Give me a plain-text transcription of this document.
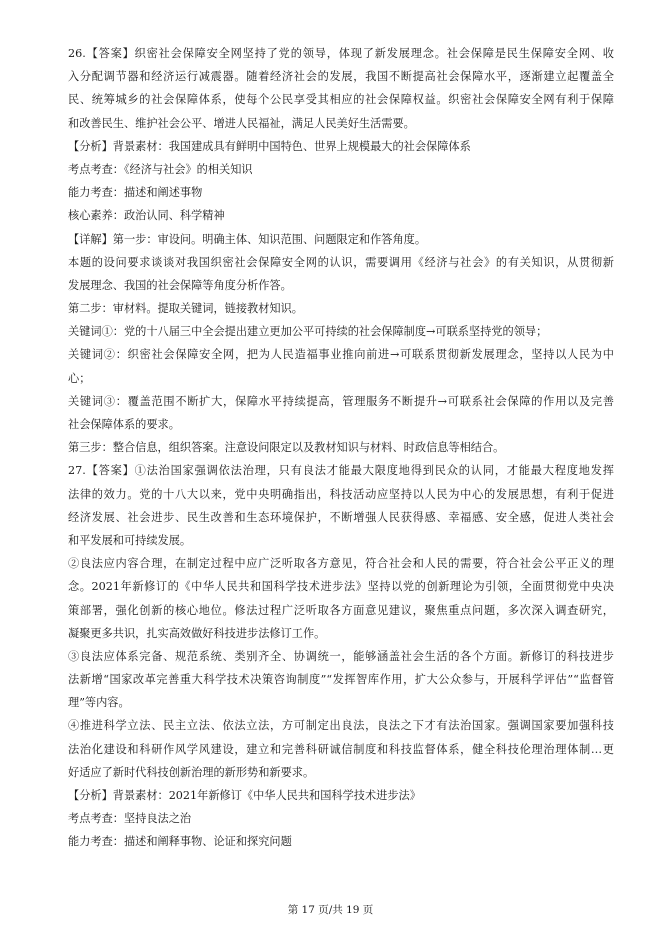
26.【答案】织密社会保障安全网坚持了党的领导，体现了新发展理念。社会保障是民生保障安全网、收
入分配调节器和经济运行减震器。随着经济社会的发展，我国不断提高社会保障水平，逐渐建立起覆盖全
民、统筹城乡的社会保障体系，使每个公民享受其相应的社会保障权益。织密社会保障安全网有利于保障
和改善民生、维护社会公平、增进人民福祉，满足人民美好生活需要。
【分析】背景素材：我国建成具有鲜明中国特色、世界上规模最大的社会保障体系
考点考查：《经济与社会》的相关知识
能力考查：描述和阐述事物
核心素养：政治认同、科学精神
【详解】第一步：审设问。明确主体、知识范围、问题限定和作答角度。
本题的设问要求谈谈对我国织密社会保障安全网的认识，需要调用《经济与社会》的有关知识，从贯彻新
发展理念、我国的社会保障等角度分析作答。
第二步：审材料。提取关键词，链接教材知识。
关键词①：党的十八届三中全会提出建立更加公平可持续的社会保障制度→可联系坚持党的领导；
关键词②：织密社会保障安全网，把为人民造福事业推向前进→可联系贯彻新发展理念，坚持以人民为中
心；
关键词③：覆盖范围不断扩大，保障水平持续提高，管理服务不断提升→可联系社会保障的作用以及完善
社会保障体系的要求。
第三步：整合信息，组织答案。注意设问限定以及教材知识与材料、时政信息等相结合。
27.【答案】①法治国家强调依法治理，只有良法才能最大限度地得到民众的认同，才能最大程度地发挥
法律的效力。党的十八大以来，党中央明确指出，科技活动应坚持以人民为中心的发展思想，有利于促进
经济发展、社会进步、民生改善和生态环境保护，不断增强人民获得感、幸福感、安全感，促进人类社会
和平发展和可持续发展。
②良法应内容合理，在制定过程中应广泛听取各方意见，符合社会和人民的需要，符合社会公平正义的理
念。2021年新修订的《中华人民共和国科学技术进步法》坚持以党的创新理论为引领，全面贯彻党中央决
策部署，强化创新的核心地位。修法过程广泛听取各方面意见建议，聚焦重点问题，多次深入调查研究，
凝聚更多共识，扎实高效做好科技进步法修订工作。
③良法应体系完备、规范系统、类别齐全、协调统一，能够涵盖社会生活的各个方面。新修订的科技进步
法新增“国家改革完善重大科学技术决策咨询制度”“发挥智库作用，扩大公众参与，开展科学评估”“监督管
理”等内容。
④推进科学立法、民主立法、依法立法，方可制定出良法，良法之下才有法治国家。强调国家要加强科技
法治化建设和科研作风学风建设，建立和完善科研诚信制度和科技监督体系，健全科技伦理治理体制…更
好适应了新时代科技创新治理的新形势和新要求。
【分析】背景素材：2021年新修订《中华人民共和国科学技术进步法》
考点考查：坚持良法之治
能力考查：描述和阐释事物、论证和探究问题
第 17 页/共 19 页
